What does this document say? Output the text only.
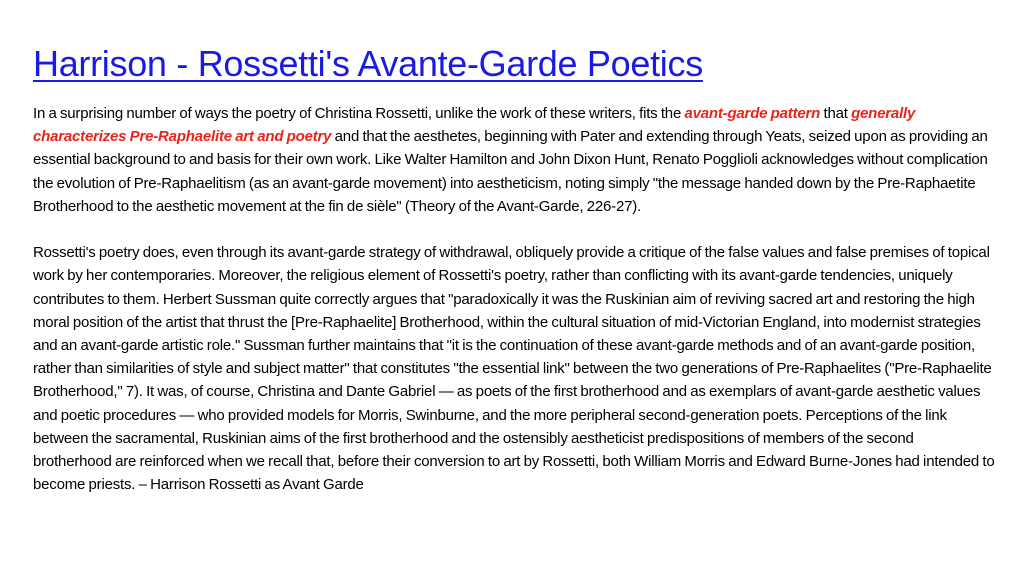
Harrison - Rossetti's Avante-Garde Poetics

In a surprising number of ways the poetry of Christina Rossetti, unlike the work of these writers, fits the avant-garde pattern that generally characterizes Pre-Raphaelite art and poetry and that the aesthetes, beginning with Pater and extending through Yeats, seized upon as providing an essential background to and basis for their own work. Like Walter Hamilton and John Dixon Hunt, Renato Pogglioli acknowledges without complication the evolution of Pre-Raphaelitism (as an avant-garde movement) into aestheticism, noting simply "the message handed down by the Pre-Raphaetite Brotherhood to the aesthetic movement at the fin de siѐle" (Theory of the Avant-Garde, 226-27).

Rossetti's poetry does, even through its avant-garde strategy of withdrawal, obliquely provide a critique of the false values and false premises of topical work by her contemporaries. Moreover, the religious element of Rossetti's poetry, rather than conflicting with its avant-garde tendencies, uniquely contributes to them. Herbert Sussman quite correctly argues that "paradoxically it was the Ruskinian aim of reviving sacred art and restoring the high moral position of the artist that thrust the [Pre-Raphaelite] Brotherhood, within the cultural situation of mid-Victorian England, into modernist strategies and an avant-garde artistic role." Sussman further maintains that "it is the continuation of these avant-garde methods and of an avant-garde position, rather than similarities of style and subject matter" that constitutes "the essential link" between the two generations of Pre-Raphaelites ("Pre-Raphaelite Brotherhood," 7). It was, of course, Christina and Dante Gabriel — as poets of the first brotherhood and as exemplars of avant-garde aesthetic values and poetic procedures — who provided models for Morris, Swinburne, and the more peripheral second-generation poets. Perceptions of the link between the sacramental, Ruskinian aims of the first brotherhood and the ostensibly aestheticist predispositions of members of the second brotherhood are reinforced when we recall that, before their conversion to art by Rossetti, both William Morris and Edward Burne-Jones had intended to become priests. – Harrison Rossetti as Avant Garde
